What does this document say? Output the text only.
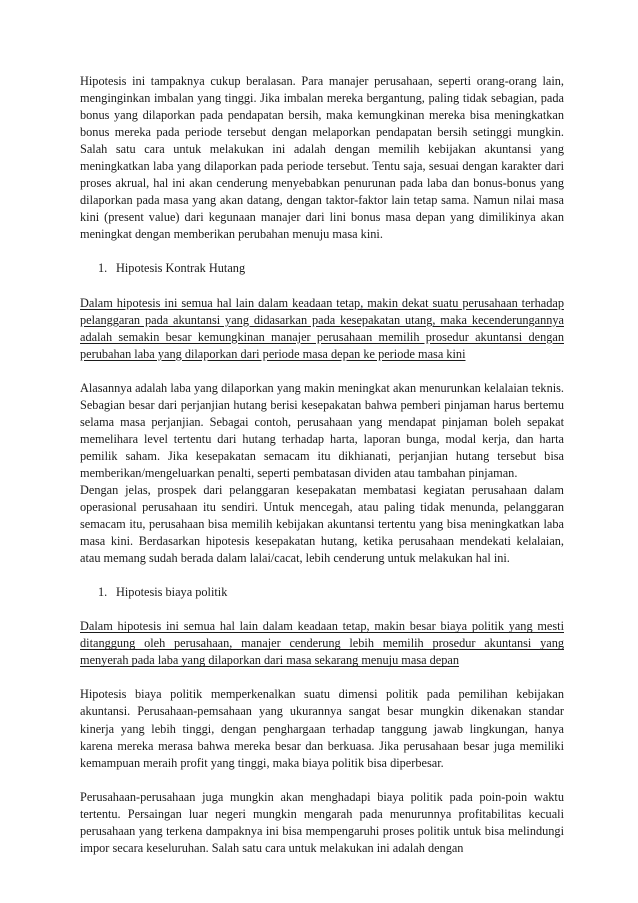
Hipotesis ini tampaknya cukup beralasan. Para manajer perusahaan, seperti orang-orang lain, menginginkan imbalan yang tinggi. Jika imbalan mereka bergantung, paling tidak sebagian, pada bonus yang dilaporkan pada pendapatan bersih, maka kemungkinan mereka bisa meningkatkan bonus mereka pada periode tersebut dengan melaporkan pendapatan bersih setinggi mungkin. Salah satu cara untuk melakukan ini adalah dengan memilih kebijakan akuntansi yang meningkatkan laba yang dilaporkan pada periode tersebut. Tentu saja, sesuai dengan karakter dari proses akrual, hal ini akan cenderung menyebabkan penurunan pada laba dan bonus-bonus yang dilaporkan pada masa yang akan datang, dengan taktor-faktor lain tetap sama. Namun nilai masa kini (present value) dari kegunaan manajer dari lini bonus masa depan yang dimilikinya akan meningkat dengan memberikan perubahan menuju masa kini.

1. Hipotesis Kontrak Hutang

Dalam hipotesis ini semua hal lain dalam keadaan tetap, makin dekat suatu perusahaan terhadap pelanggaran pada akuntansi yang didasarkan pada kesepakatan utang, maka kecenderungannya adalah semakin besar kemungkinan manajer perusahaan memilih prosedur akuntansi dengan perubahan laba yang dilaporkan dari periode masa depan ke periode masa kini

Alasannya adalah laba yang dilaporkan yang makin meningkat akan menurunkan kelalaian teknis. Sebagian besar dari perjanjian hutang berisi kesepakatan bahwa pemberi pinjaman harus bertemu selama masa perjanjian. Sebagai contoh, perusahaan yang mendapat pinjaman boleh sepakat memelihara level tertentu dari hutang terhadap harta, laporan bunga, modal kerja, dan harta pemilik saham. Jika kesepakatan semacam itu dikhianati, perjanjian hutang tersebut bisa memberikan/mengeluarkan penalti, seperti pembatasan dividen atau tambahan pinjaman.

Dengan jelas, prospek dari pelanggaran kesepakatan membatasi kegiatan perusahaan dalam operasional perusahaan itu sendiri. Untuk mencegah, atau paling tidak menunda, pelanggaran semacam itu, perusahaan bisa memilih kebijakan akuntansi tertentu yang bisa meningkatkan laba masa kini. Berdasarkan hipotesis kesepakatan hutang, ketika perusahaan mendekati kelalaian, atau memang sudah berada dalam lalai/cacat, lebih cenderung untuk melakukan hal ini.

1. Hipotesis biaya politik

Dalam hipotesis ini semua hal lain dalam keadaan tetap, makin besar biaya politik yang mesti ditanggung oleh perusahaan, manajer cenderung lebih memilih prosedur akuntansi yang menyerah pada laba yang dilaporkan dari masa sekarang menuju masa depan

Hipotesis biaya politik memperkenalkan suatu dimensi politik pada pemilihan kebijakan akuntansi. Perusahaan-pemsahaan yang ukurannya sangat besar mungkin dikenakan standar kinerja yang lebih tinggi, dengan penghargaan terhadap tanggung jawab lingkungan, hanya karena mereka merasa bahwa mereka besar dan berkuasa. Jika perusahaan besar juga memiliki kemampuan meraih profit yang tinggi, maka biaya politik bisa diperbesar.

Perusahaan-perusahaan juga mungkin akan menghadapi biaya politik pada poin-poin waktu tertentu. Persaingan luar negeri mungkin mengarah pada menurunnya profitabilitas kecuali perusahaan yang terkena dampaknya ini bisa mempengaruhi proses politik untuk bisa melindungi impor secara keseluruhan. Salah satu cara untuk melakukan ini adalah dengan
